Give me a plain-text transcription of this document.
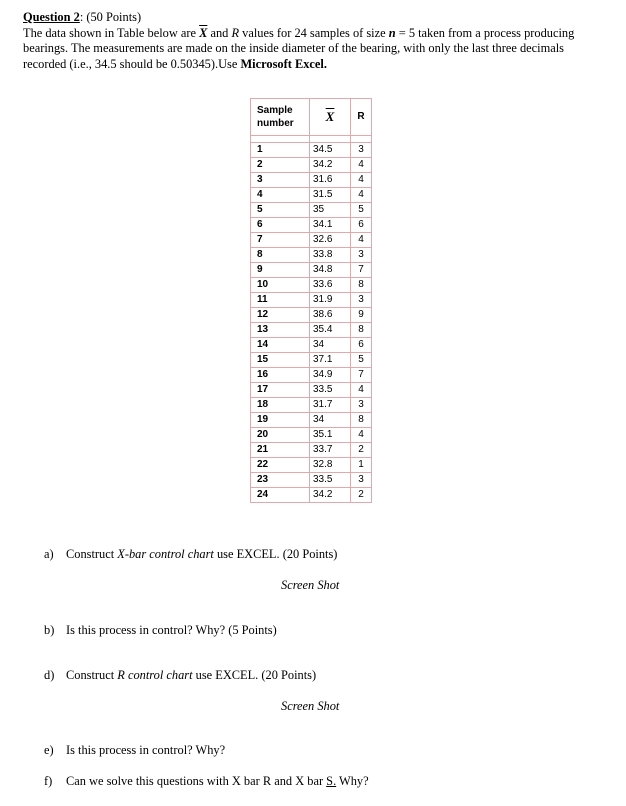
Question 2: (50 Points)
The data shown in Table below are $\overline{X}$ and R values for 24 samples of size n = 5 taken from a process producing bearings. The measurements are made on the inside diameter of the bearing, with only the last three decimals recorded (i.e., 34.5 should be 0.50345).Use Microsoft Excel.
Sample
number	$\overline{X}$	R

1	34.5	3
2	34.2	4
3	31.6	4
4	31.5	4
5	35	5
6	34.1	6
7	32.6	4
8	33.8	3
9	34.8	7
10	33.6	8
11	31.9	3
12	38.6	9
13	35.4	8
14	34	6
15	37.1	5
16	34.9	7
17	33.5	4
18	31.7	3
19	34	8
20	35.1	4
21	33.7	2
22	32.8	1
23	33.5	3
24	34.2	2
a) Construct X-bar control chart use EXCEL. (20 Points)
Screen Shot
b) Is this process in control? Why? (5 Points)
d) Construct R control chart use EXCEL. (20 Points)
Screen Shot
e) Is this process in control? Why?
f) Can we solve this questions with X bar R and X bar S. Why?
